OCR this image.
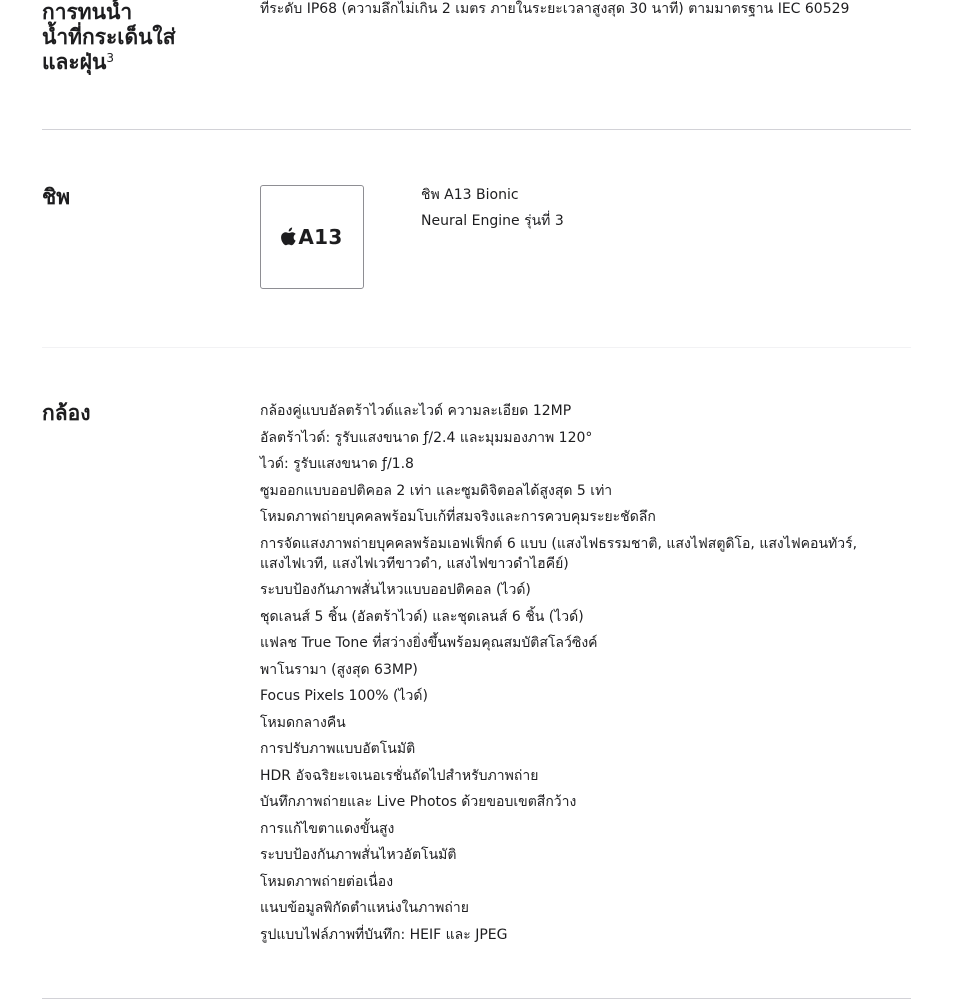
การทนน้ำ
น้ำที่กระเด็นใส่
และฝุ่น$^3$
ที่ระดับ IP68 (ความลึกไม่เกิน 2 เมตร ภายในระยะเวลาสูงสุด 30 นาที) ตามมาตรฐาน IEC 60529
ชิพ
A13
ชิพ A13 Bionic
Neural Engine รุ่นที่ 3
กล้อง	กล้องคู่แบบอัลตร้าไวด์และไวด์ ความละเอียด 12MP
อัลตร้าไวด์: รูรับแสงขนาด ƒ/2.4 และมุมมองภาพ 120°
ไวด์: รูรับแสงขนาด ƒ/1.8
ซูมออกแบบออปติคอล 2 เท่า และซูมดิจิตอลได้สูงสุด 5 เท่า
โหมดภาพถ่ายบุคคลพร้อมโบเก้ที่สมจริงและการควบคุมระยะชัดลึก
การจัดแสงภาพถ่ายบุคคลพร้อมเอฟเฟ็กต์ 6 แบบ (แสงไฟธรรมชาติ, แสงไฟสตูดิโอ, แสงไฟคอนทัวร์,
แสงไฟเวที, แสงไฟเวทีขาวดำ, แสงไฟขาวดำไฮคีย์)
ระบบป้องกันภาพสั่นไหวแบบออปติคอล (ไวด์)
ชุดเลนส์ 5 ชิ้น (อัลตร้าไวด์) และชุดเลนส์ 6 ชิ้น (ไวด์)
แฟลช True Tone ที่สว่างยิ่งขึ้นพร้อมคุณสมบัติสโลว์ซิงค์
พาโนรามา (สูงสุด 63MP)
Focus Pixels 100% (ไวด์)
โหมดกลางคืน
การปรับภาพแบบอัตโนมัติ
HDR อัจฉริยะเจเนอเรชั่นถัดไปสำหรับภาพถ่าย
บันทึกภาพถ่ายและ Live Photos ด้วยขอบเขตสีกว้าง
การแก้ไขตาแดงขั้นสูง
ระบบป้องกันภาพสั่นไหวอัตโนมัติ
โหมดภาพถ่ายต่อเนื่อง
แนบข้อมูลพิกัดตำแหน่งในภาพถ่าย
รูปแบบไฟล์ภาพที่บันทึก: HEIF และ JPEG
